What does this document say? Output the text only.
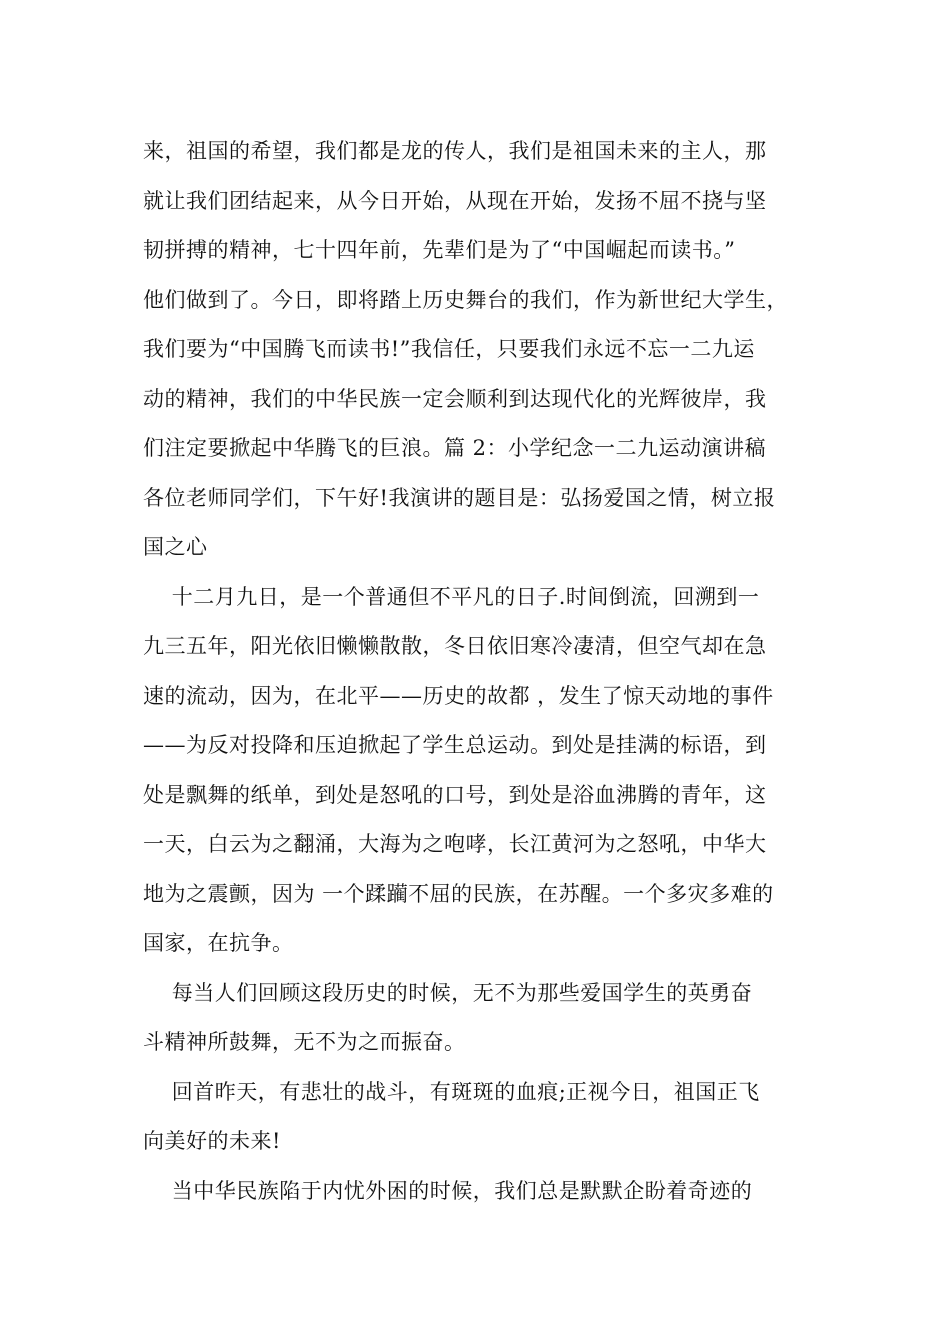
来，祖国的希望，我们都是龙的传人，我们是祖国未来的主人，那
就让我们团结起来，从今日开始，从现在开始，发扬不屈不挠与坚
韧拼搏的精神，七十四年前，先辈们是为了“中国崛起而读书。”
他们做到了。今日，即将踏上历史舞台的我们，作为新世纪大学生，
我们要为“中国腾飞而读书!”我信任，只要我们永远不忘一二九运
动的精神，我们的中华民族一定会顺利到达现代化的光辉彼岸，我
们注定要掀起中华腾飞的巨浪。篇 2：小学纪念一二九运动演讲稿
各位老师同学们，下午好!我演讲的题目是：弘扬爱国之情，树立报
国之心
十二月九日，是一个普通但不平凡的日子.时间倒流，回溯到一
九三五年，阳光依旧懒懒散散，冬日依旧寒冷凄清，但空气却在急
速的流动，因为，在北平——历史的故都 ，发生了惊天动地的事件
——为反对投降和压迫掀起了学生总运动。到处是挂满的标语，到
处是飘舞的纸单，到处是怒吼的口号，到处是浴血沸腾的青年，这
一天，白云为之翻涌，大海为之咆哮，长江黄河为之怒吼，中华大
地为之震颤，因为 一个蹂躏不屈的民族，在苏醒。一个多灾多难的
国家，在抗争。
每当人们回顾这段历史的时候，无不为那些爱国学生的英勇奋
斗精神所鼓舞，无不为之而振奋。
回首昨天，有悲壮的战斗，有斑斑的血痕;正视今日，祖国正飞
向美好的未来!
当中华民族陷于内忧外困的时候，我们总是默默企盼着奇迹的
